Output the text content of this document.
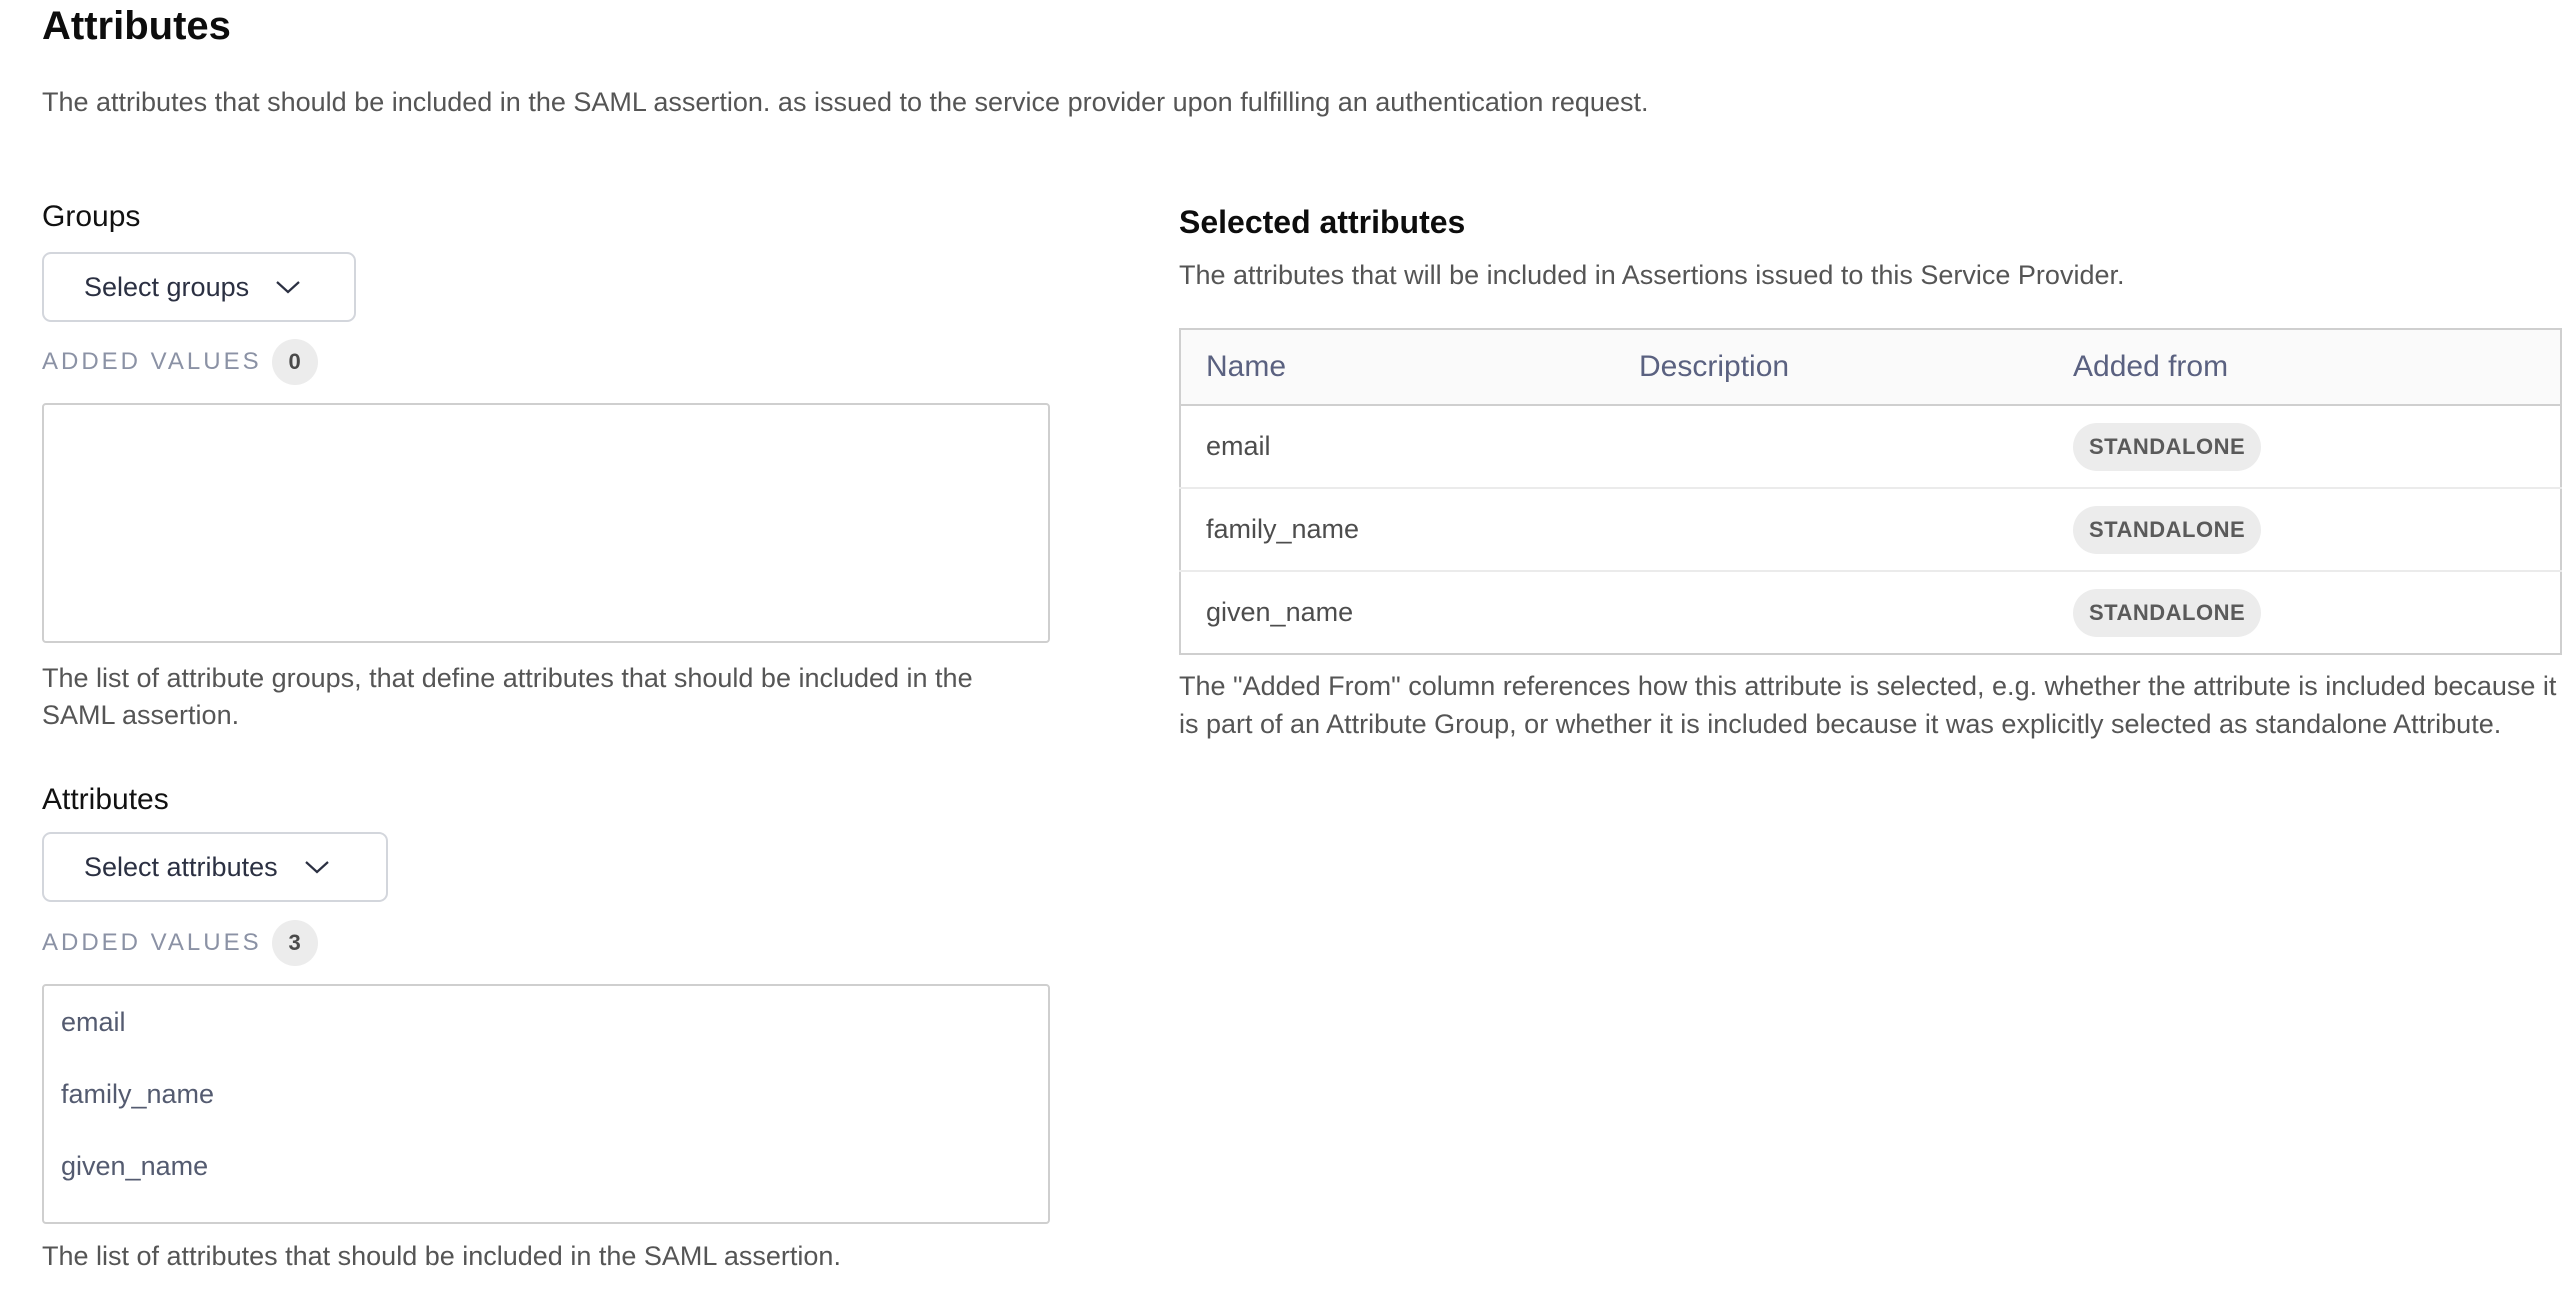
Attributes

The attributes that should be included in the SAML assertion. as issued to the service provider upon fulfilling an authentication request.

Groups

Select groups
ADDED VALUES	0

The list of attribute groups, that define attributes that should be included in the SAML assertion.

Attributes

Select attributes
ADDED VALUES	3
email
family_name
given_name

The list of attributes that should be included in the SAML assertion.

Selected attributes

The attributes that will be included in Assertions issued to this Service Provider.

Name	Description	Added from
email		STANDALONE
family_name		STANDALONE
given_name		STANDALONE

The "Added From" column references how this attribute is selected, e.g. whether the attribute is included because it is part of an Attribute Group, or whether it is included because it was explicitly selected as standalone Attribute.
